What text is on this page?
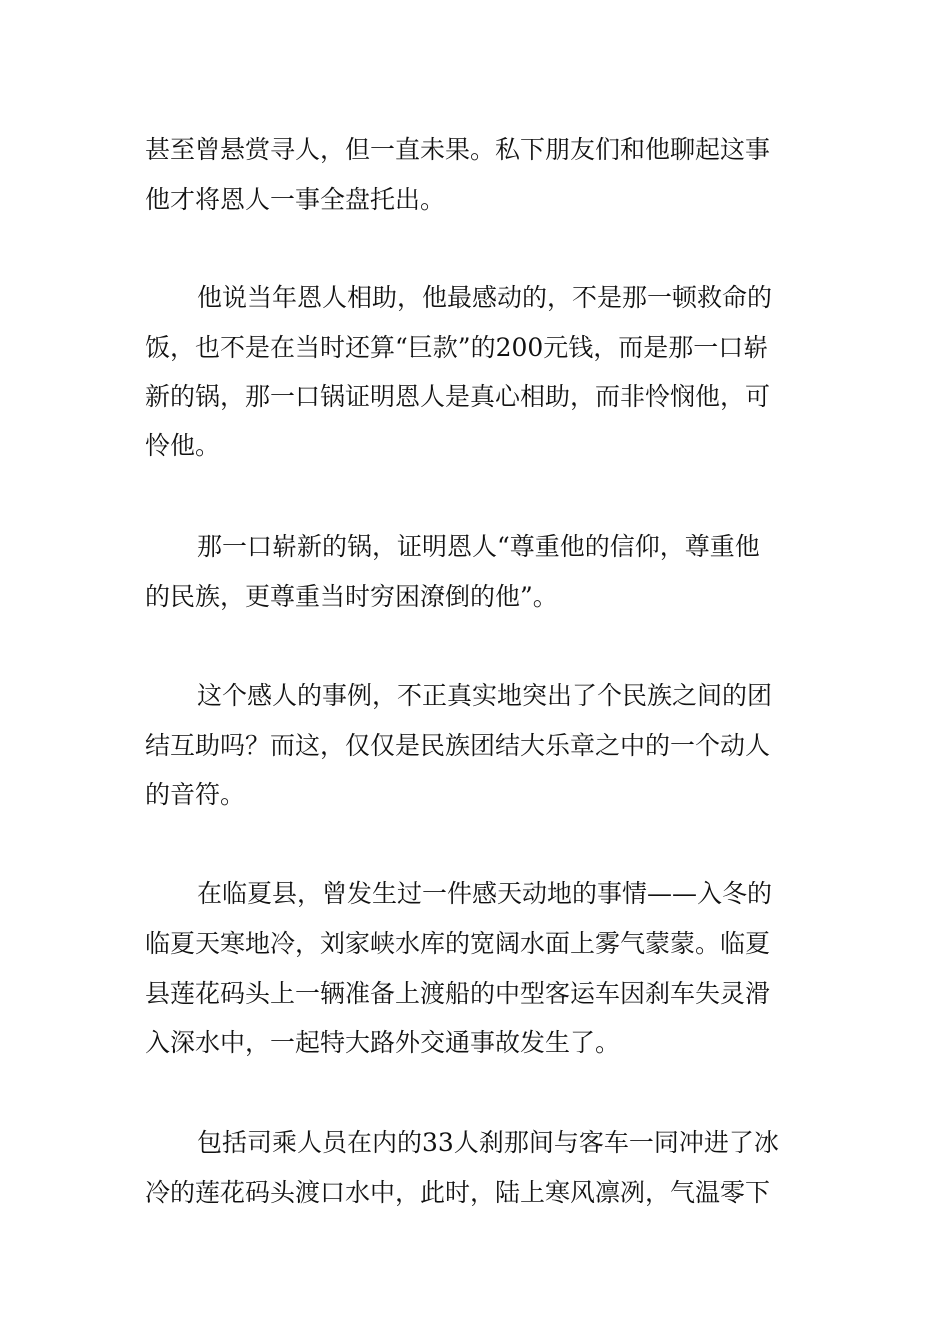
甚至曾悬赏寻人，但一直未果。私下朋友们和他聊起这事

他才将恩人一事全盘托出。

他说当年恩人相助，他最感动的，不是那一顿救命的

饭，也不是在当时还算“巨款”的200元钱，而是那一口崭

新的锅，那一口锅证明恩人是真心相助，而非怜悯他，可

怜他。

那一口崭新的锅，证明恩人“尊重他的信仰，尊重他

的民族，更尊重当时穷困潦倒的他”。

这个感人的事例，不正真实地突出了个民族之间的团

结互助吗？而这，仅仅是民族团结大乐章之中的一个动人

的音符。

在临夏县，曾发生过一件感天动地的事情——入冬的

临夏天寒地冷，刘家峡水库的宽阔水面上雾气蒙蒙。临夏

县莲花码头上一辆准备上渡船的中型客运车因刹车失灵滑

入深水中，一起特大路外交通事故发生了。

包括司乘人员在内的33人刹那间与客车一同冲进了冰

冷的莲花码头渡口水中，此时，陆上寒风凛冽，气温零下
